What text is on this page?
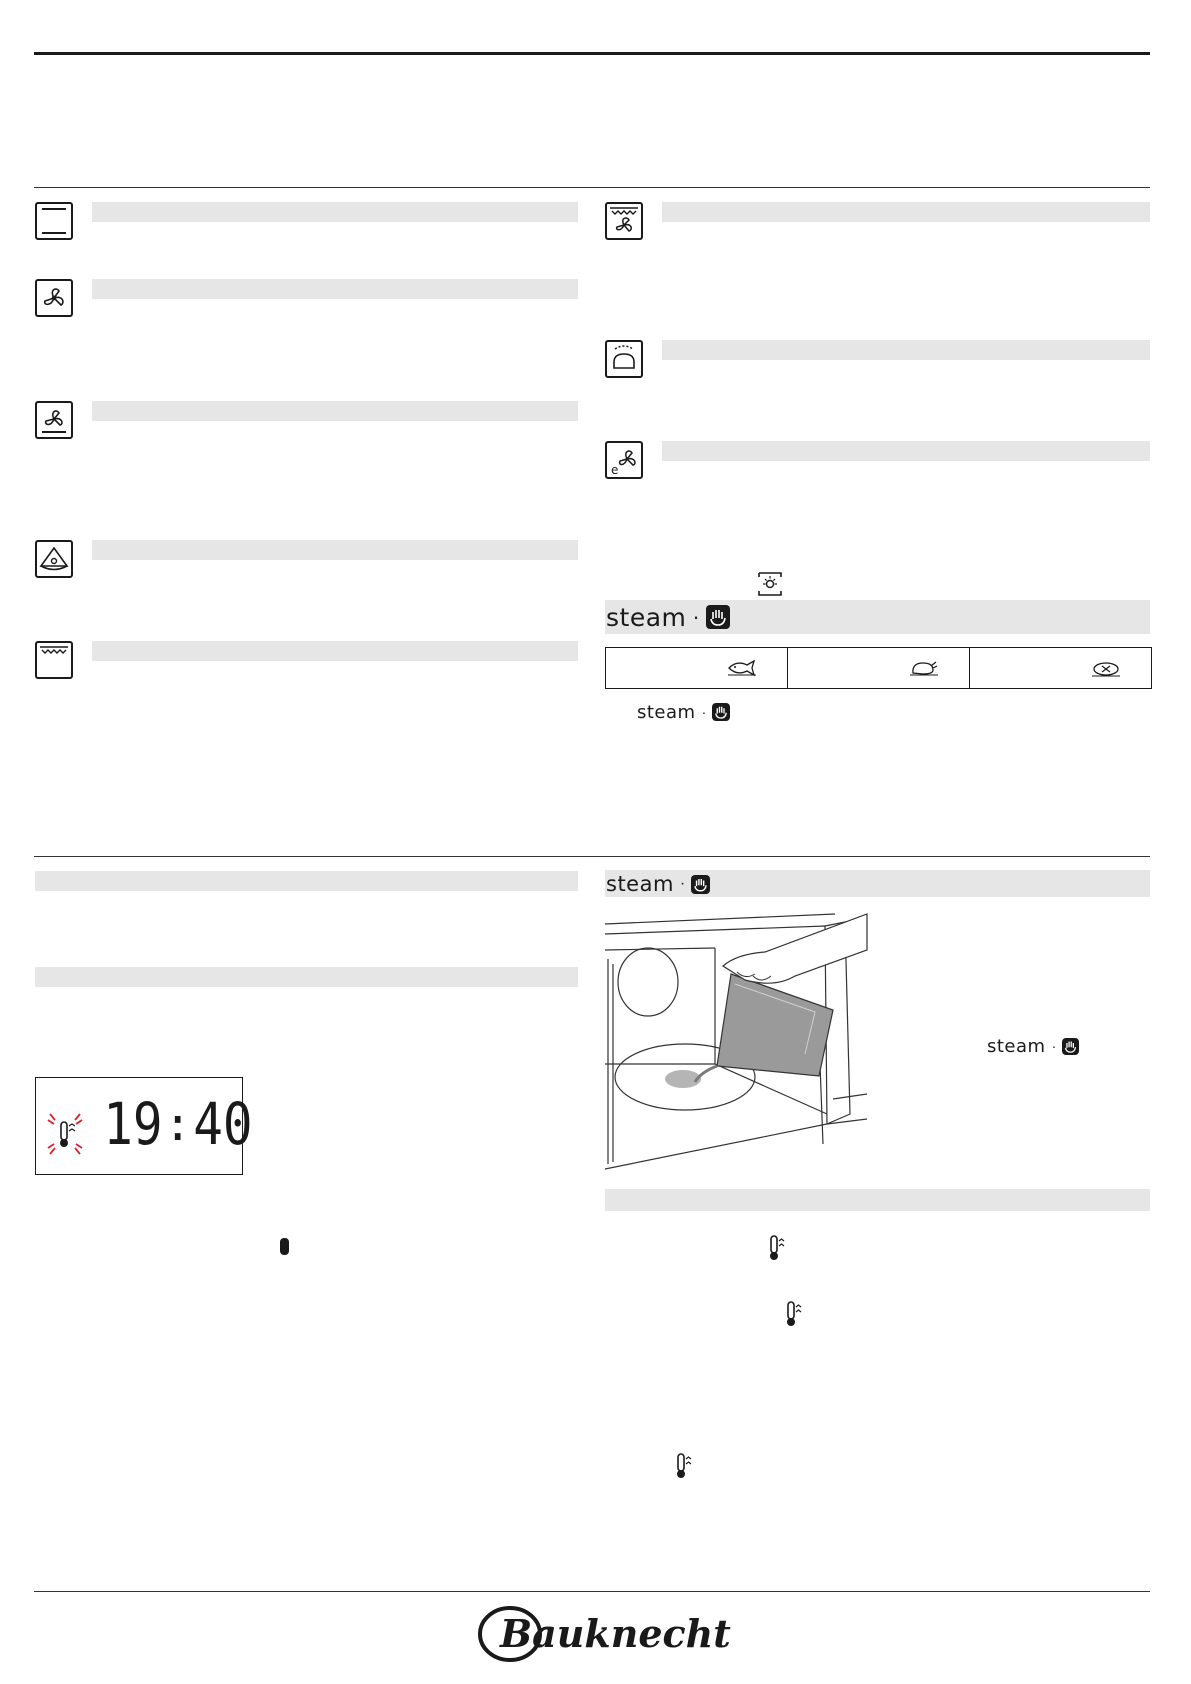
e
steam ·
steam ·
19 : 40
steam ·
steam ·
Bauknecht
